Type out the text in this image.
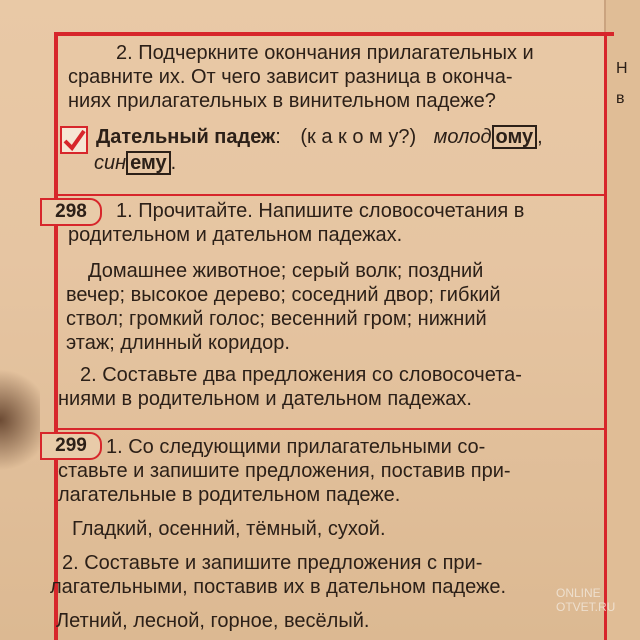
Н
в
2. Подчеркните окончания прилагательных и
сравните их. От чего зависит разница в оконча-
ниях прилагательных в винительном падеже?
Дательный падеж: (к а к о м у?) молод ому ,
син ему .
298	1. Прочитайте. Напишите словосочетания в
родительном и дательном падежах.
Домашнее животное; серый волк; поздний
вечер; высокое дерево; соседний двор; гибкий
ствол; громкий голос; весенний гром; нижний
этаж; длинный коридор.
2. Составьте два предложения со словосочета-
ниями в родительном и дательном падежах.
299 1. Со следующими прилагательными со-
ставьте и запишите предложения, поставив при-
лагательные в родительном падеже.
Гладкий, осенний, тёмный, сухой.
2. Составьте и запишите предложения с при-
лагательными, поставив их в дательном падеже.
Летний, лесной, горное, весёлый.
ONLINE
OTVET.RU
